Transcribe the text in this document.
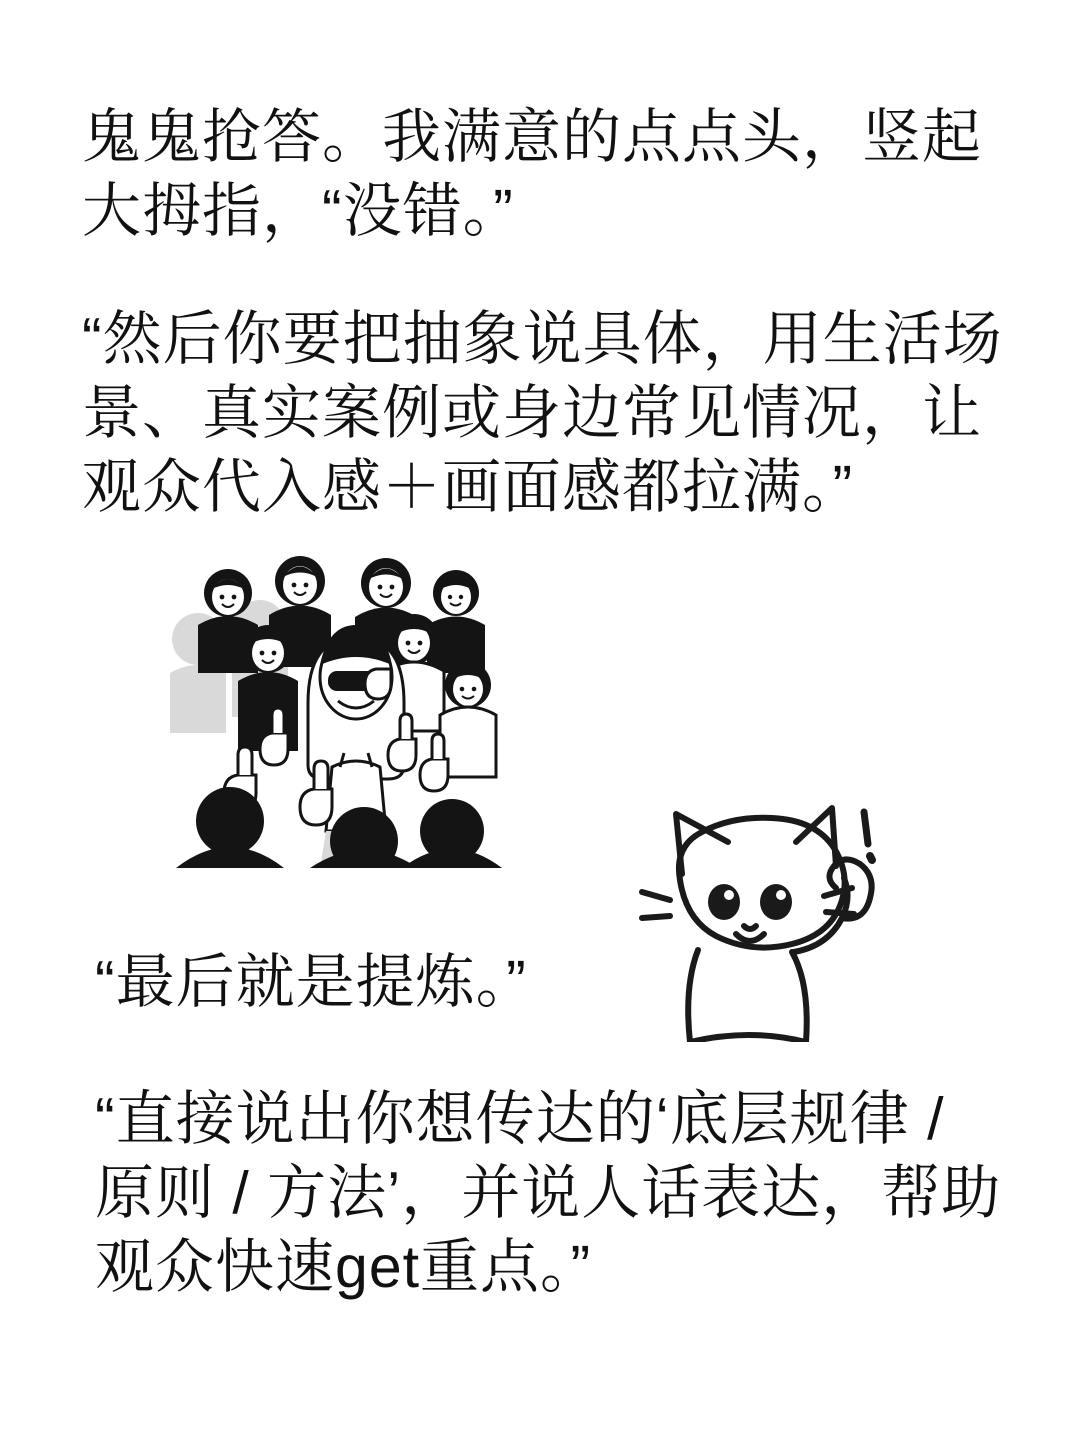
鬼鬼抢答。我满意的点点头，竖起大拇指，“没错。”
“然后你要把抽象说具体，用生活场景、真实案例或身边常见情况，让观众代入感＋画面感都拉满。”
“最后就是提炼。”
“直接说出你想传达的‘底层规律 / 原则 / 方法’，并说人话表达，帮助观众快速get重点。”
